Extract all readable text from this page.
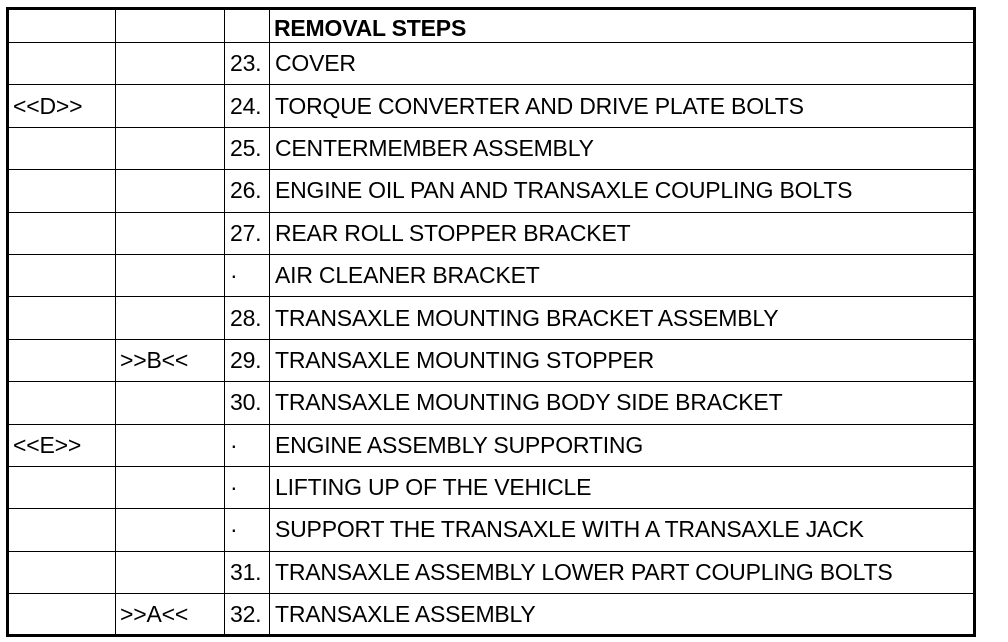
			REMOVAL STEPS
		23.	COVER
<<D>>		24.	TORQUE CONVERTER AND DRIVE PLATE BOLTS
		25.	CENTERMEMBER ASSEMBLY
		26.	ENGINE OIL PAN AND TRANSAXLE COUPLING BOLTS
		27.	REAR ROLL STOPPER BRACKET
		·	AIR CLEANER BRACKET
		28.	TRANSAXLE MOUNTING BRACKET ASSEMBLY
	>>B<<	29.	TRANSAXLE MOUNTING STOPPER
		30.	TRANSAXLE MOUNTING BODY SIDE BRACKET
<<E>>		·	ENGINE ASSEMBLY SUPPORTING
		·	LIFTING UP OF THE VEHICLE
		·	SUPPORT THE TRANSAXLE WITH A TRANSAXLE JACK
		31.	TRANSAXLE ASSEMBLY LOWER PART COUPLING BOLTS
	>>A<<	32.	TRANSAXLE ASSEMBLY
